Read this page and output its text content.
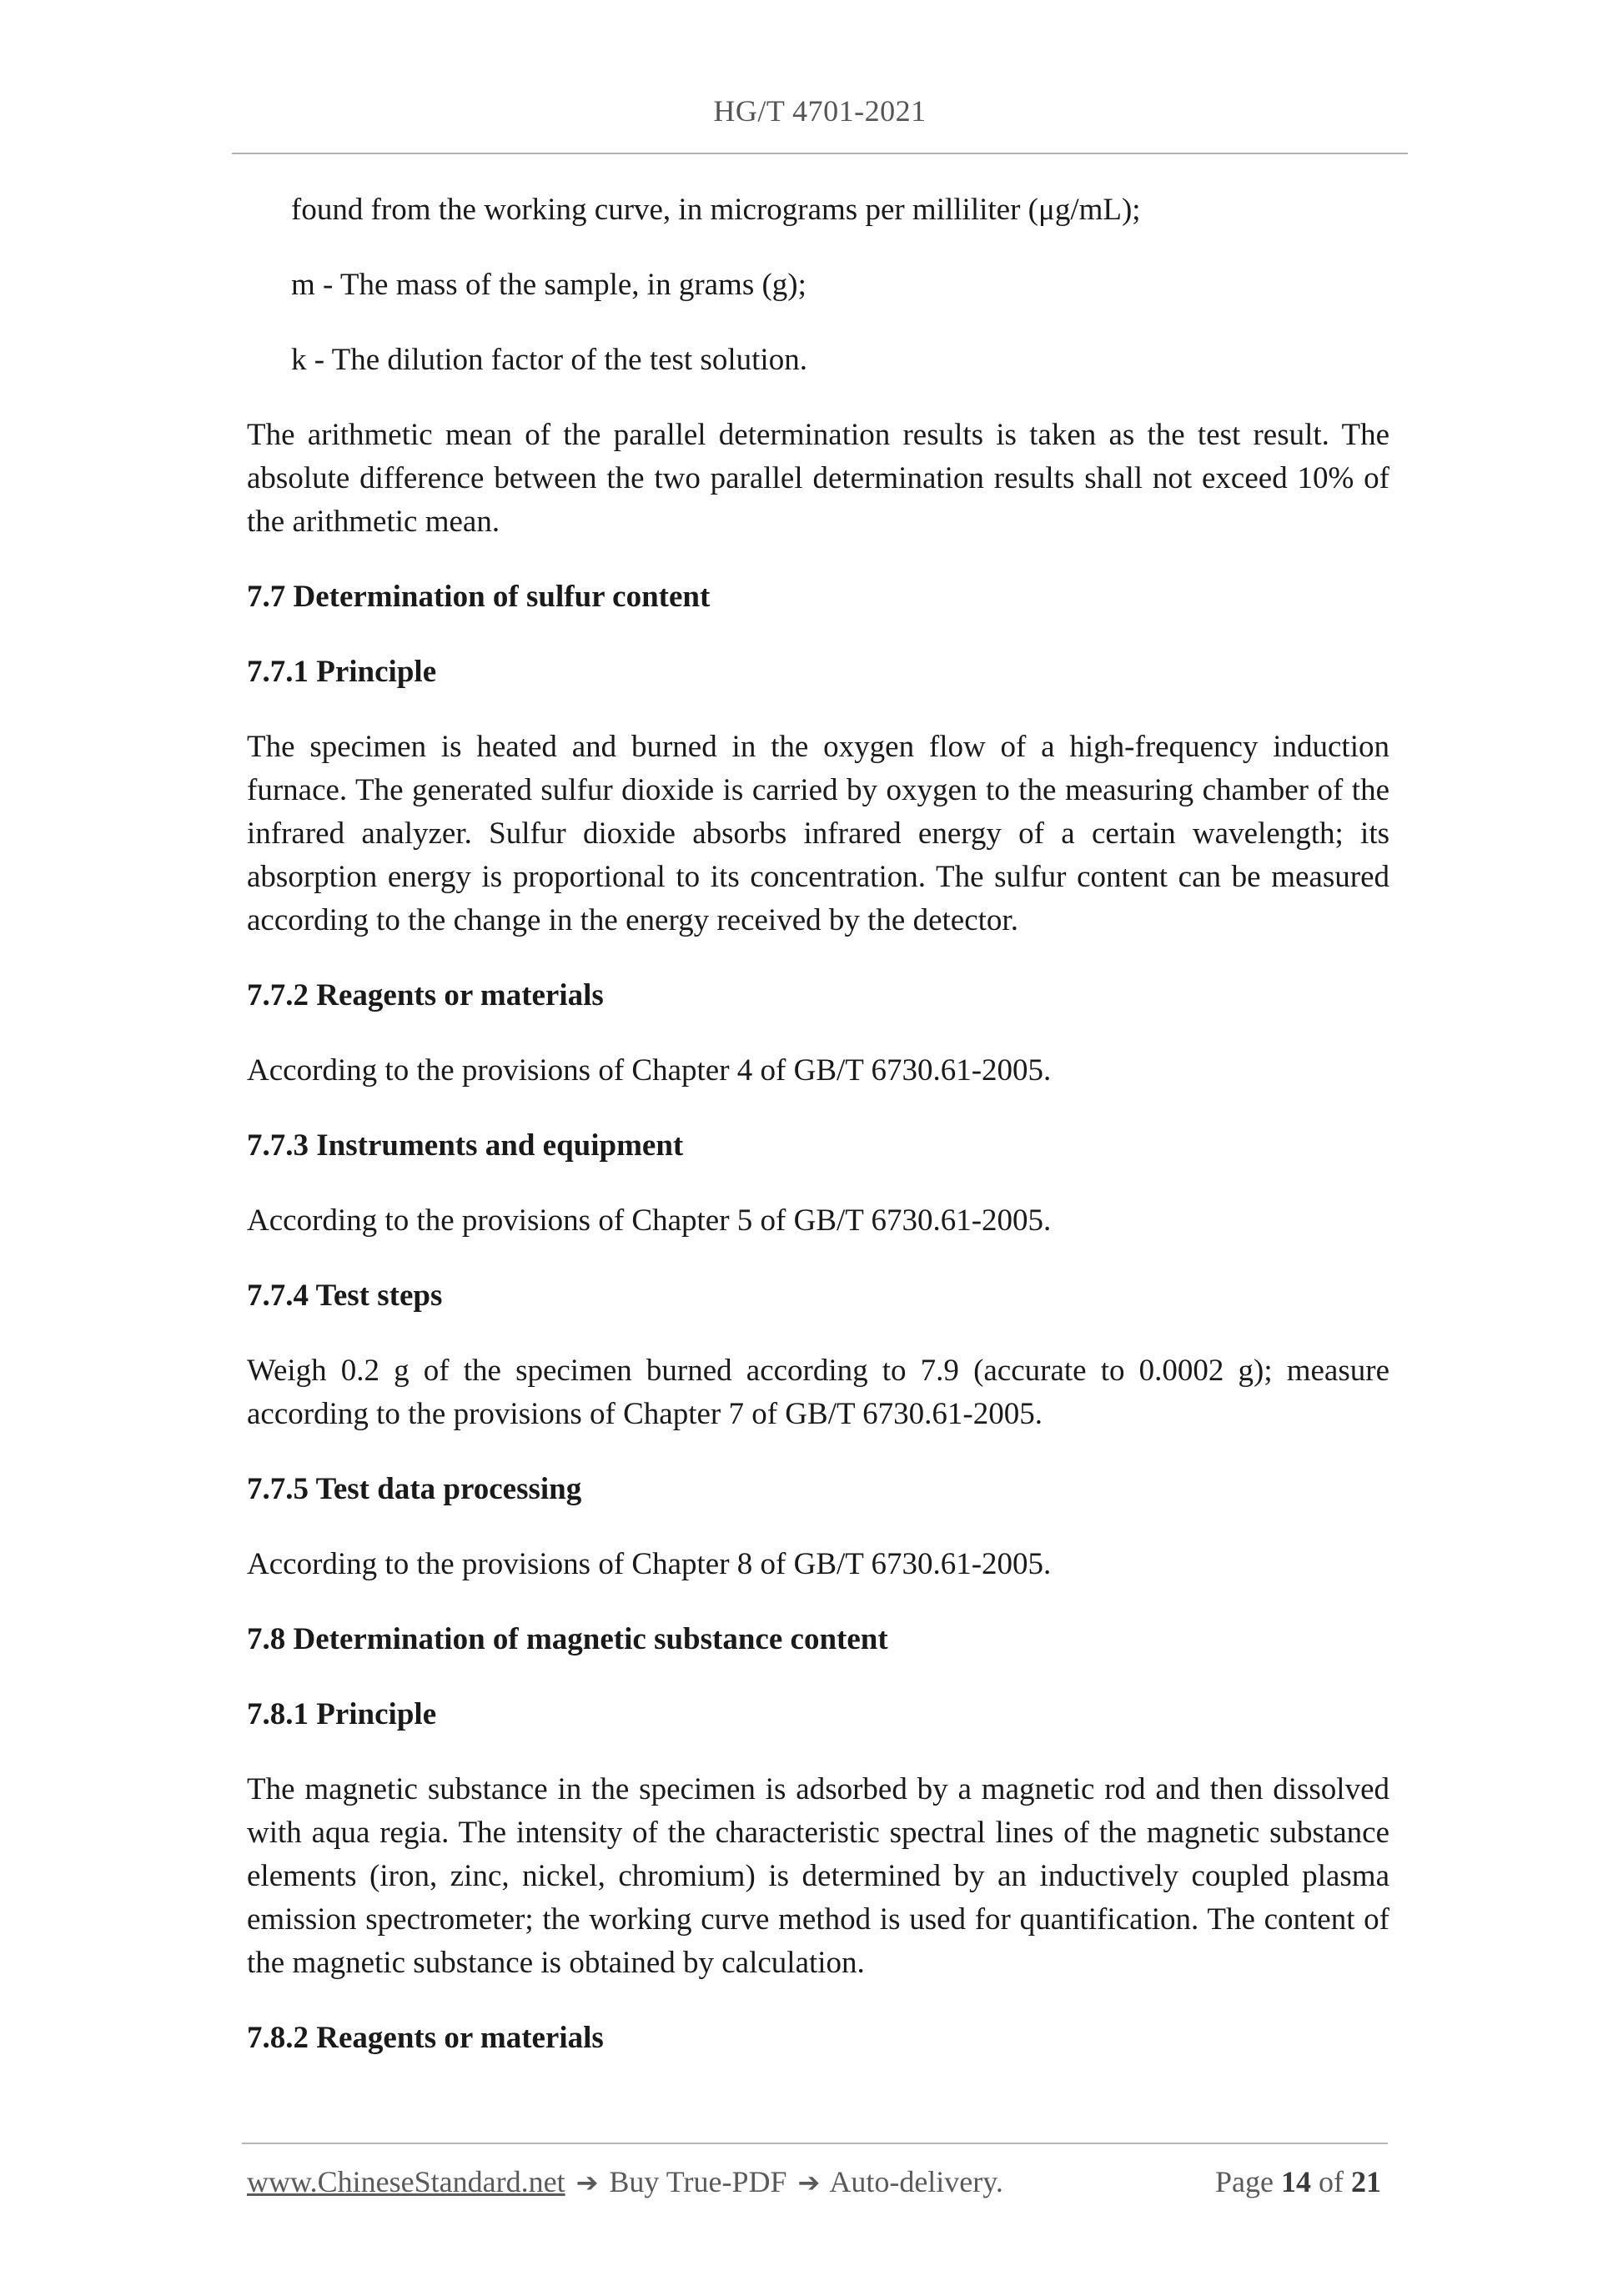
HG/T 4701-2021

found from the working curve, in micrograms per milliliter (μg/mL);

m - The mass of the sample, in grams (g);

k - The dilution factor of the test solution.

The arithmetic mean of the parallel determination results is taken as the test result. The absolute difference between the two parallel determination results shall not exceed 10% of the arithmetic mean.

7.7 Determination of sulfur content

7.7.1 Principle

The specimen is heated and burned in the oxygen flow of a high-frequency induction furnace. The generated sulfur dioxide is carried by oxygen to the measuring chamber of the infrared analyzer. Sulfur dioxide absorbs infrared energy of a certain wavelength; its absorption energy is proportional to its concentration. The sulfur content can be measured according to the change in the energy received by the detector.

7.7.2 Reagents or materials

According to the provisions of Chapter 4 of GB/T 6730.61-2005.

7.7.3 Instruments and equipment

According to the provisions of Chapter 5 of GB/T 6730.61-2005.

7.7.4 Test steps

Weigh 0.2 g of the specimen burned according to 7.9 (accurate to 0.0002 g); measure according to the provisions of Chapter 7 of GB/T 6730.61-2005.

7.7.5 Test data processing

According to the provisions of Chapter 8 of GB/T 6730.61-2005.

7.8 Determination of magnetic substance content

7.8.1 Principle

The magnetic substance in the specimen is adsorbed by a magnetic rod and then dissolved with aqua regia. The intensity of the characteristic spectral lines of the magnetic substance elements (iron, zinc, nickel, chromium) is determined by an inductively coupled plasma emission spectrometer; the working curve method is used for quantification. The content of the magnetic substance is obtained by calculation.

7.8.2 Reagents or materials

www.ChineseStandard.net ➔ Buy True-PDF ➔ Auto-delivery.	Page 14 of 21
